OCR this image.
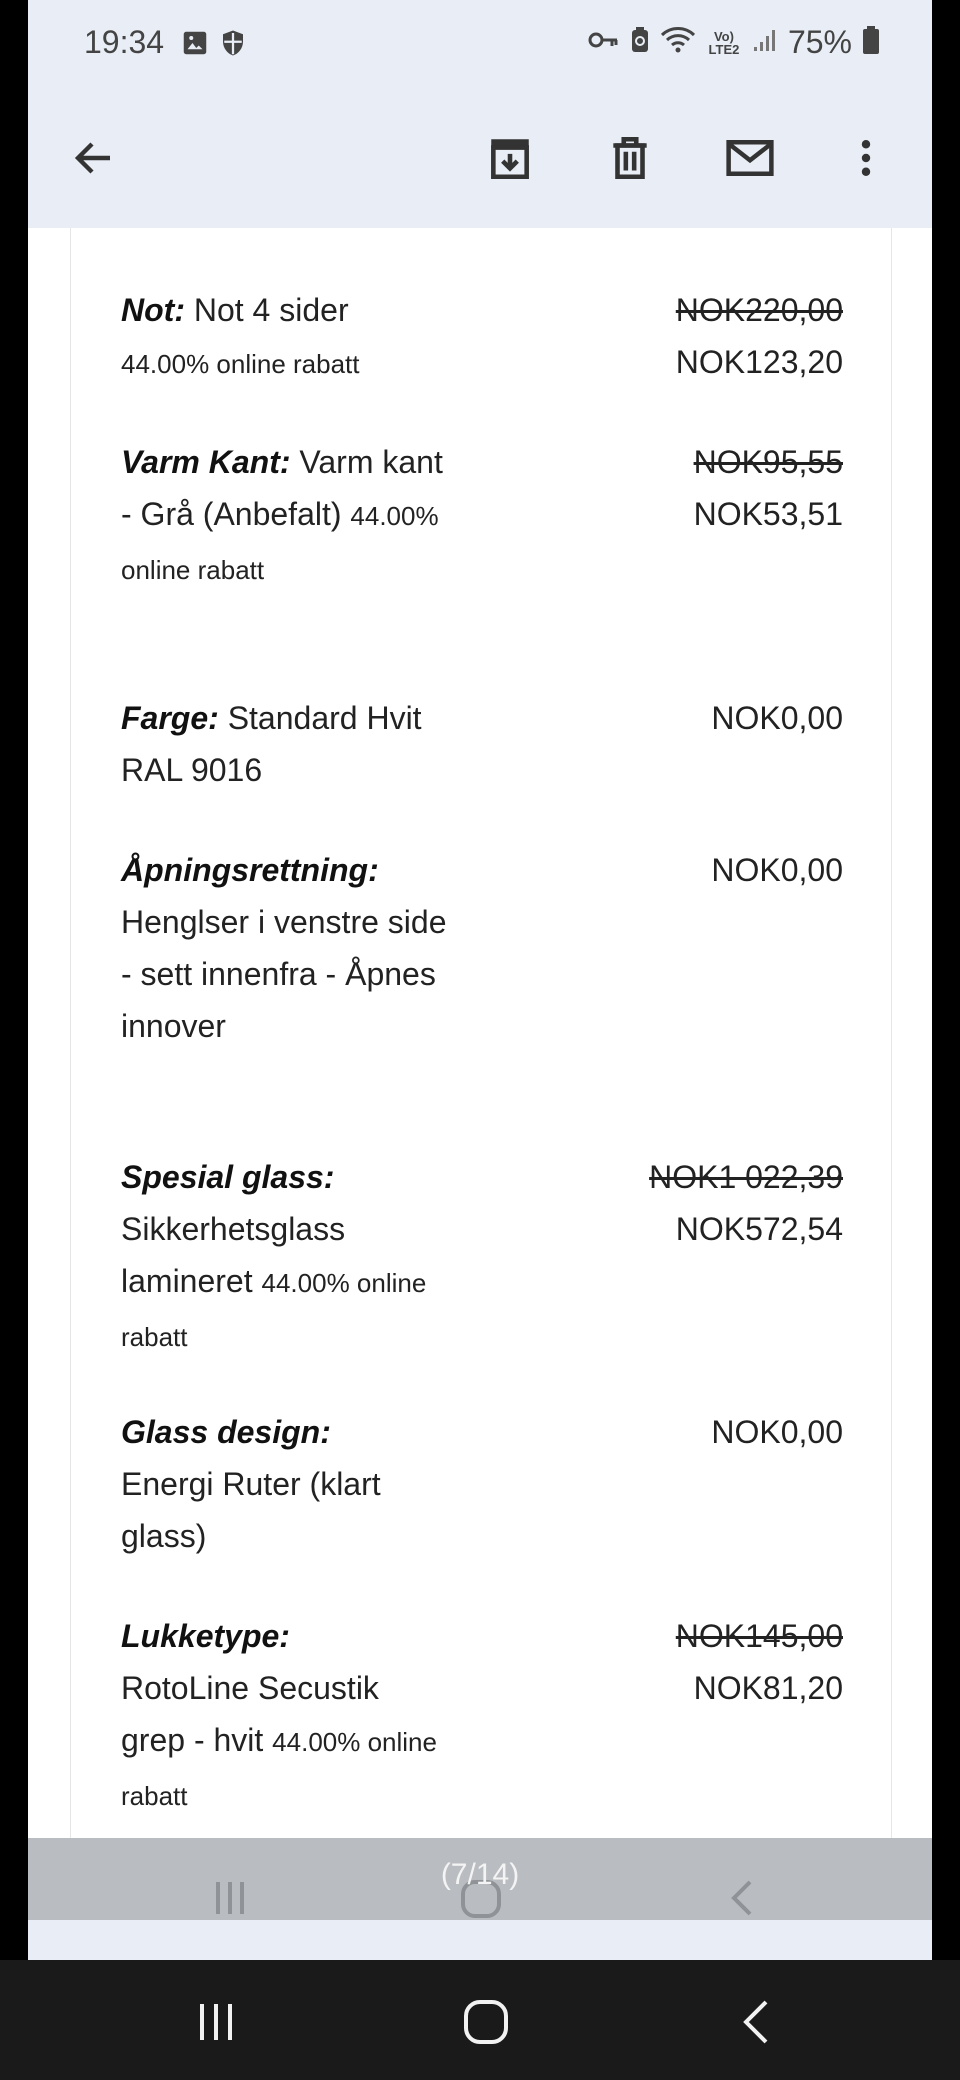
19:34	Vo) LTE2 75%
Not: Not 4 sider
44.00% online rabatt
NOK220,00
NOK123,20
Varm Kant: Varm kant - Grå (Anbefalt) 44.00% online rabatt
NOK95,55
NOK53,51
Farge: Standard Hvit RAL 9016
NOK0,00
Åpningsrettning:
Henglser i venstre side - sett innenfra - Åpnes innover
NOK0,00
Spesial glass:
Sikkerhetsglass lamineret 44.00% online rabatt
NOK1 022,39
NOK572,54
Glass design:
Energi Ruter (klart glass)
NOK0,00
Lukketype:
RotoLine Secustik grep - hvit 44.00% online rabatt
NOK145,00
NOK81,20
(7/14)
